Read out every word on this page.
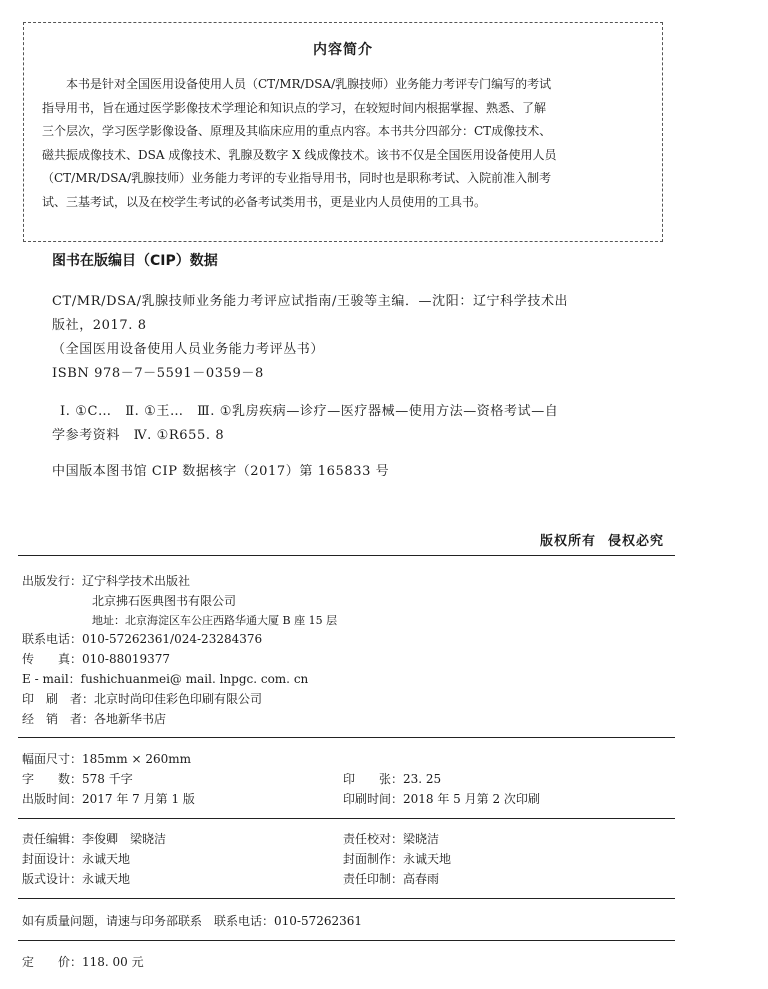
内容简介
本书是针对全国医用设备使用人员（CT/MR/DSA/乳腺技师）业务能力考评专门编写的考试
指导用书，旨在通过医学影像技术学理论和知识点的学习，在较短时间内根据掌握、熟悉、了解
三个层次，学习医学影像设备、原理及其临床应用的重点内容。本书共分四部分：CT成像技术、
磁共振成像技术、DSA 成像技术、乳腺及数字 X 线成像技术。该书不仅是全国医用设备使用人员
（CT/MR/DSA/乳腺技师）业务能力考评的专业指导用书，同时也是职称考试、入院前准入制考
试、三基考试，以及在校学生考试的必备考试类用书，更是业内人员使用的工具书。
图书在版编目（CIP）数据
CT/MR/DSA/乳腺技师业务能力考评应试指南/王骏等主编．—沈阳：辽宁科学技术出
版社，2017. 8
（全国医用设备使用人员业务能力考评丛书）
ISBN 978－7－5591－0359－8
Ⅰ. ①C…　Ⅱ. ①王…　Ⅲ. ①乳房疾病—诊疗—医疗器械—使用方法—资格考试—自
学参考资料　Ⅳ. ①R655. 8
中国版本图书馆 CIP 数据核字（2017）第 165833 号
版权所有 侵权必究
出版发行：辽宁科学技术出版社
北京拂石医典图书有限公司
地址：北京海淀区车公庄西路华通大厦 B 座 15 层
联系电话：010-57262361/024-23284376
传　　真：010-88019377
E - mail：fushichuanmei@ mail. lnpgc. com. cn
印　刷　者：北京时尚印佳彩色印刷有限公司
经　销　者：各地新华书店
幅面尺寸：185mm × 260mm
字　　数：578 千字	印　　张：23. 25
出版时间：2017 年 7 月第 1 版	印刷时间：2018 年 5 月第 2 次印刷
责任编辑：李俊卿　梁晓洁	责任校对：梁晓洁
封面设计：永诚天地	封面制作：永诚天地
版式设计：永诚天地	责任印制：高春雨
如有质量问题，请速与印务部联系　联系电话：010-57262361
定　　价：118. 00 元
